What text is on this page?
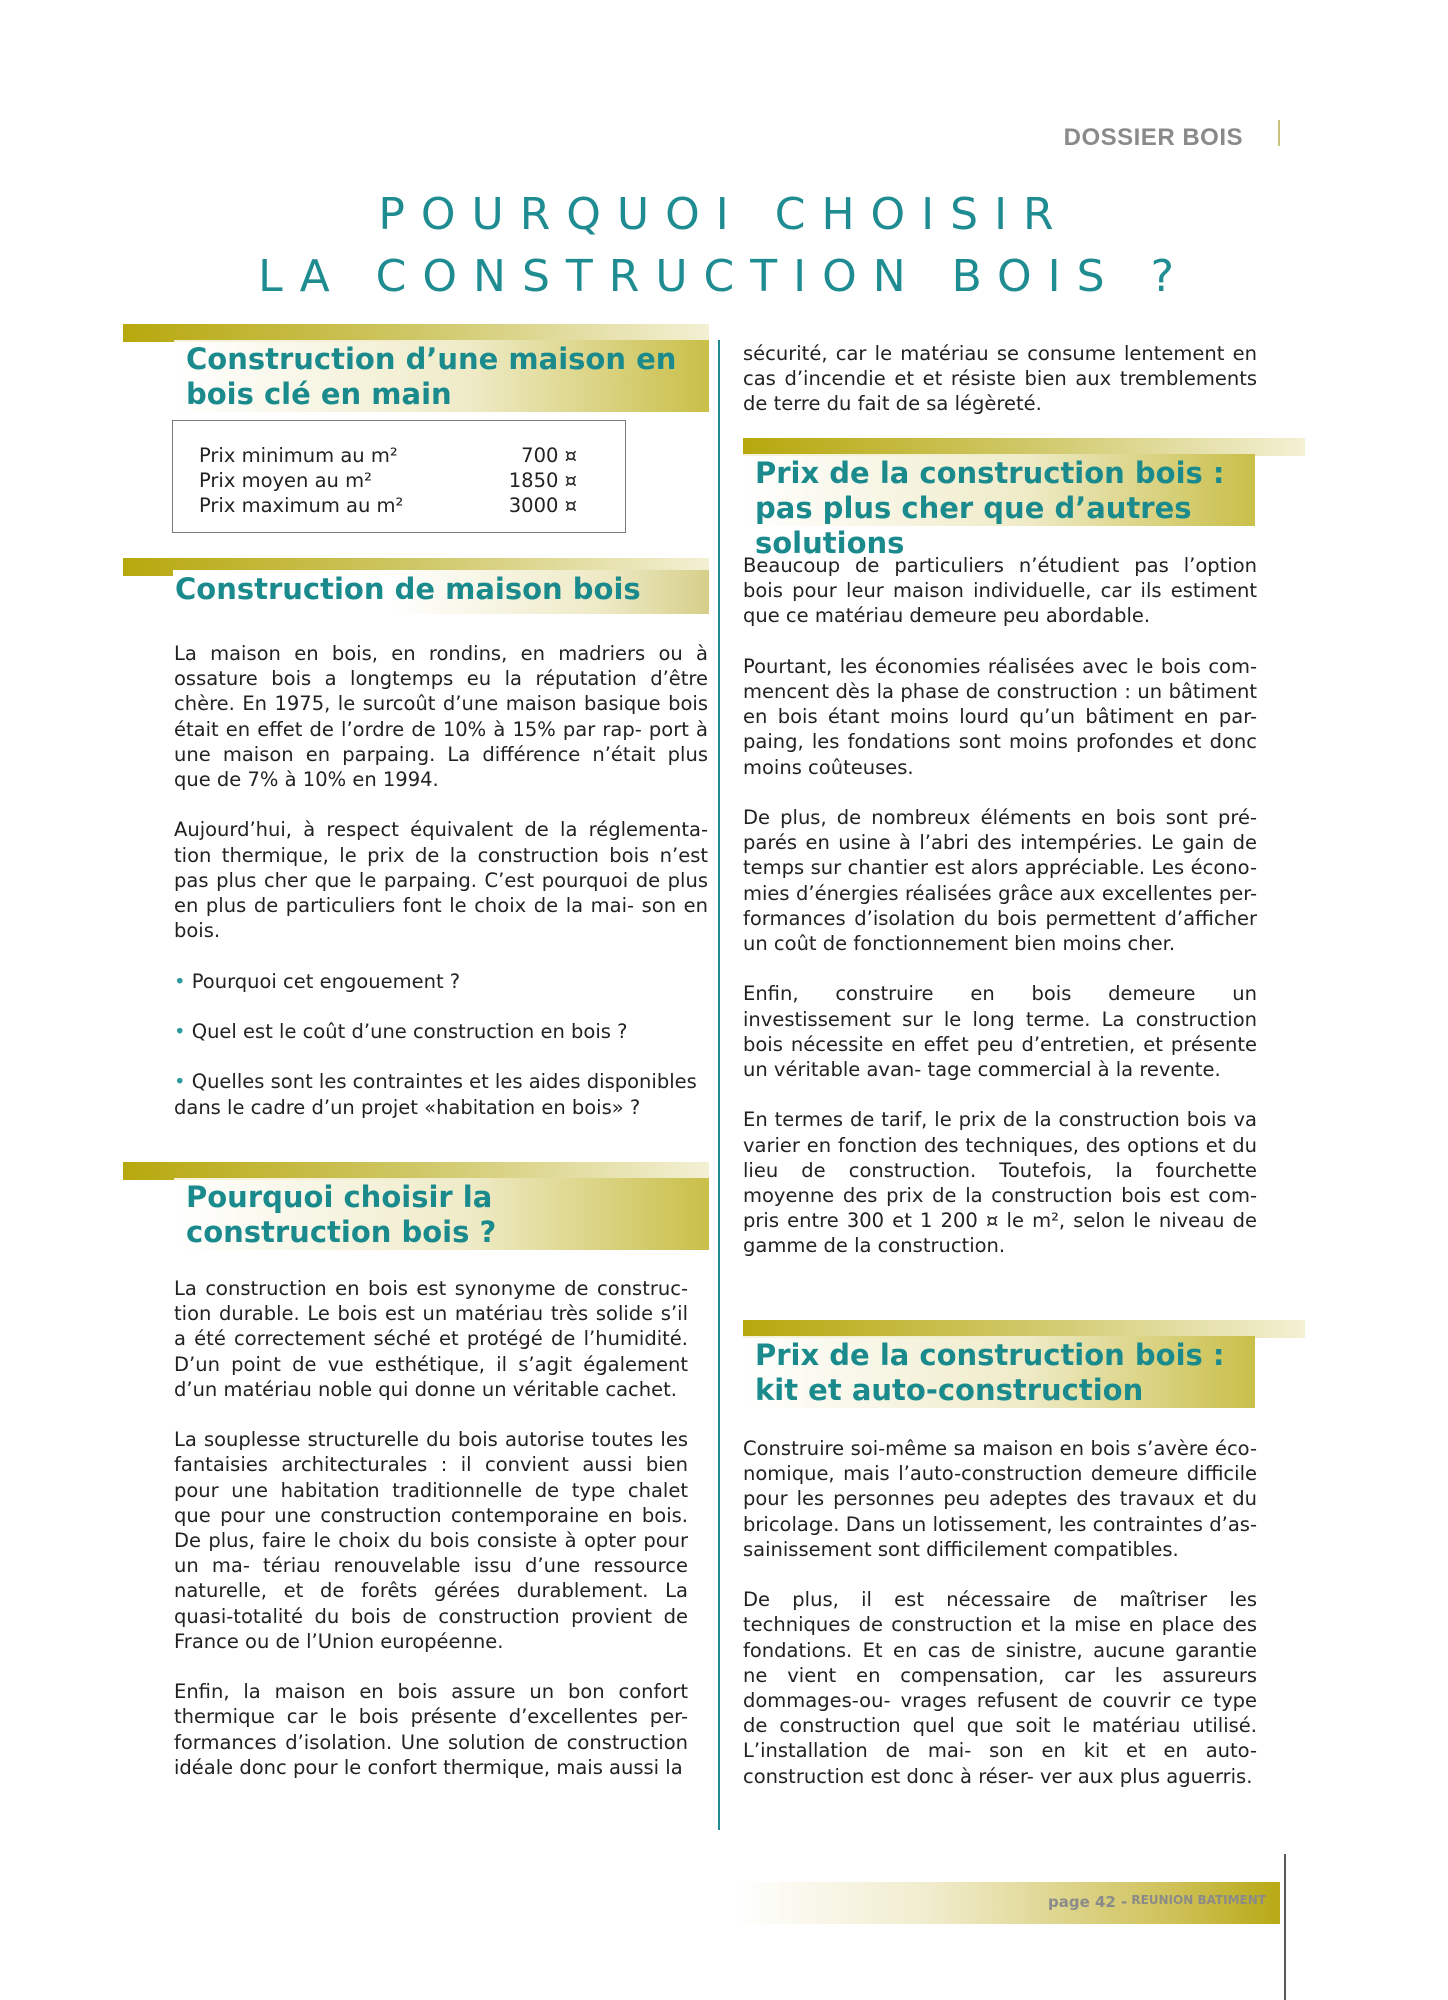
DOSSIER BOIS
POURQUOI CHOISIR
LA CONSTRUCTION BOIS ?
Construction d’une maison en bois clé en main
Prix minimum au m²	700 ¤
Prix moyen au m²	1850 ¤
Prix maximum au m²	3000 ¤
Construction de maison bois

La maison en bois, en rondins, en madriers ou à ossature bois a longtemps eu la réputation d’être chère. En 1975, le surcoût d’une maison basique bois était en effet de l’ordre de 10% à 15% par rap- port à une maison en parpaing. La différence n’était plus que de 7% à 10% en 1994.

Aujourd’hui, à respect équivalent de la réglementa- tion thermique, le prix de la construction bois n’est pas plus cher que le parpaing. C’est pourquoi de plus en plus de particuliers font le choix de la mai- son en bois.

• Pourquoi cet engouement ?

• Quel est le coût d’une construction en bois ?

• Quelles sont les contraintes et les aides disponibles dans le cadre d’un projet «habitation en bois» ?

Pourquoi choisir la construction bois ?

La construction en bois est synonyme de construc- tion durable. Le bois est un matériau très solide s’il a été correctement séché et protégé de l’humidité. D’un point de vue esthétique, il s’agit également d’un matériau noble qui donne un véritable cachet.

La souplesse structurelle du bois autorise toutes les fantaisies architecturales : il convient aussi bien pour une habitation traditionnelle de type chalet que pour une construction contemporaine en bois. De plus, faire le choix du bois consiste à opter pour un ma- tériau renouvelable issu d’une ressource naturelle, et de forêts gérées durablement. La quasi-totalité du bois de construction provient de France ou de l’Union européenne.

Enfin, la maison en bois assure un bon confort thermique car le bois présente d’excellentes per- formances d’isolation. Une solution de construction idéale donc pour le confort thermique, mais aussi la

sécurité, car le matériau se consume lentement en cas d’incendie et et résiste bien aux tremblements de terre du fait de sa légèreté.

Prix de la construction bois : pas plus cher que d’autres solutions

Beaucoup de particuliers n’étudient pas l’option bois pour leur maison individuelle, car ils estiment que ce matériau demeure peu abordable.

Pourtant, les économies réalisées avec le bois com- mencent dès la phase de construction : un bâtiment en bois étant moins lourd qu’un bâtiment en par- paing, les fondations sont moins profondes et donc moins coûteuses.

De plus, de nombreux éléments en bois sont pré- parés en usine à l’abri des intempéries. Le gain de temps sur chantier est alors appréciable. Les écono- mies d’énergies réalisées grâce aux excellentes per- formances d’isolation du bois permettent d’afficher un coût de fonctionnement bien moins cher.

Enfin, construire en bois demeure un investissement sur le long terme. La construction bois nécessite en effet peu d’entretien, et présente un véritable avan- tage commercial à la revente.

En termes de tarif, le prix de la construction bois va varier en fonction des techniques, des options et du lieu de construction. Toutefois, la fourchette moyenne des prix de la construction bois est com- pris entre 300 et 1 200 ¤ le m², selon le niveau de gamme de la construction.

Prix de la construction bois : kit et auto-construction

Construire soi-même sa maison en bois s’avère éco- nomique, mais l’auto-construction demeure difficile pour les personnes peu adeptes des travaux et du bricolage. Dans un lotissement, les contraintes d’as- sainissement sont difficilement compatibles.

De plus, il est nécessaire de maîtriser les techniques de construction et la mise en place des fondations. Et en cas de sinistre, aucune garantie ne vient en compensation, car les assureurs dommages-ou- vrages refusent de couvrir ce type de construction quel que soit le matériau utilisé. L’installation de mai- son en kit et en auto-construction est donc à réser- ver aux plus aguerris.

page 42 - $^{REUNION BATIMENT}$
